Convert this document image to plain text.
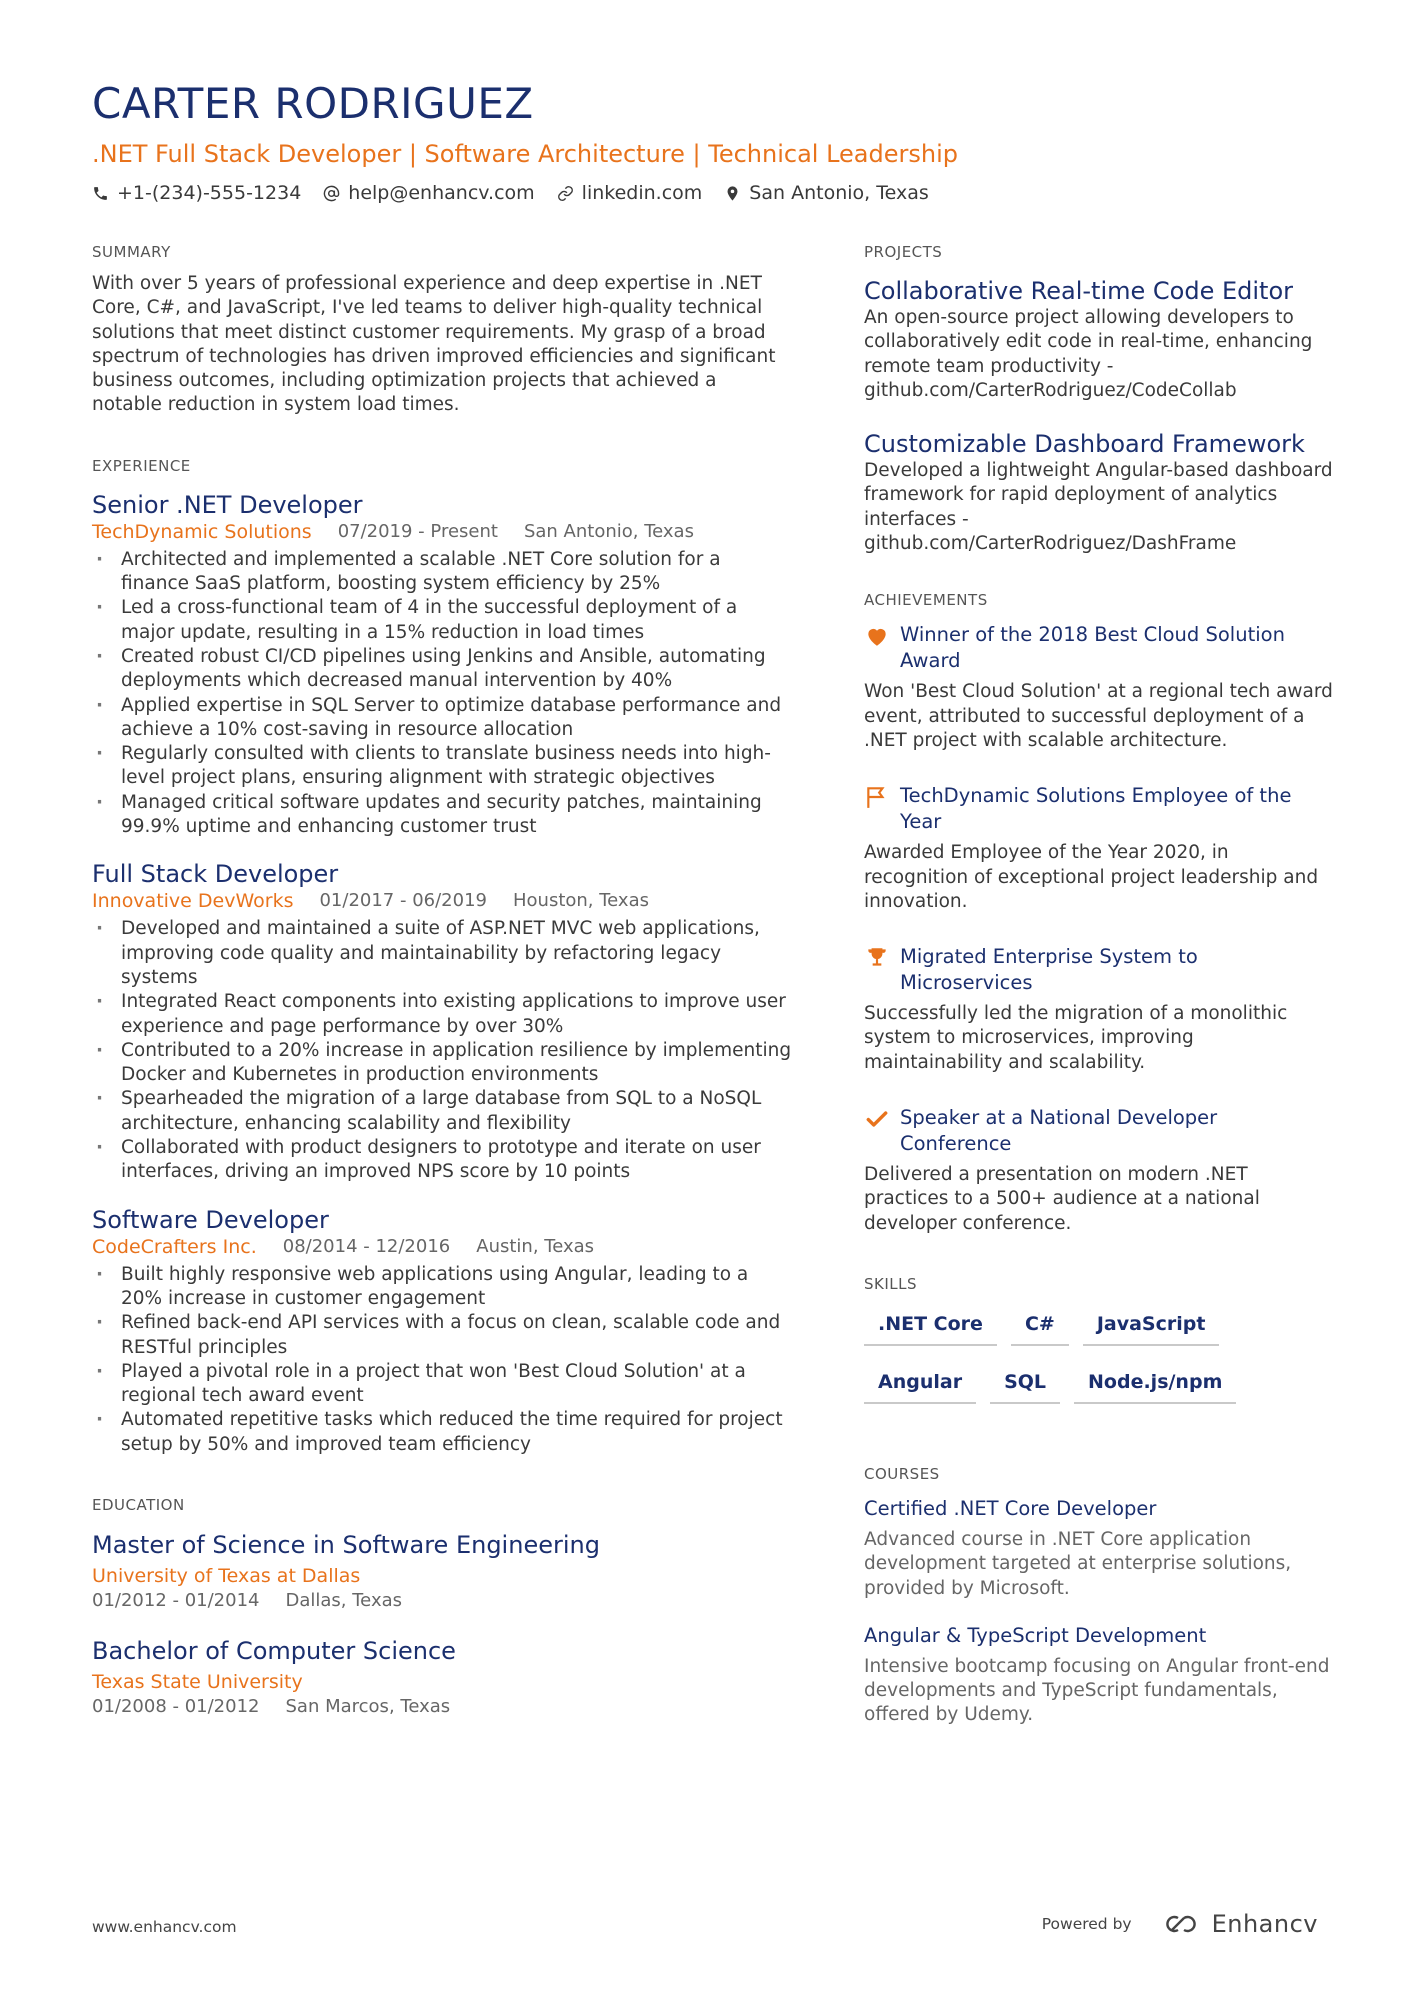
CARTER RODRIGUEZ
.NET Full Stack Developer | Software Architecture | Technical Leadership
+1-(234)-555-1234 help@enhancv.com linkedin.com San Antonio, Texas
SUMMARY
With over 5 years of professional experience and deep expertise in .NET Core, C#, and JavaScript, I've led teams to deliver high-quality technical solutions that meet distinct customer requirements. My grasp of a broad spectrum of technologies has driven improved efficiencies and significant business outcomes, including optimization projects that achieved a notable reduction in system load times.
EXPERIENCE
Senior .NET Developer
TechDynamic Solutions 07/2019 - Present San Antonio, Texas
· Architected and implemented a scalable .NET Core solution for a finance SaaS platform, boosting system efficiency by 25%
· Led a cross-functional team of 4 in the successful deployment of a major update, resulting in a 15% reduction in load times
· Created robust CI/CD pipelines using Jenkins and Ansible, automating deployments which decreased manual intervention by 40%
· Applied expertise in SQL Server to optimize database performance and achieve a 10% cost-saving in resource allocation
· Regularly consulted with clients to translate business needs into high-level project plans, ensuring alignment with strategic objectives
· Managed critical software updates and security patches, maintaining 99.9% uptime and enhancing customer trust
Full Stack Developer
Innovative DevWorks 01/2017 - 06/2019 Houston, Texas
· Developed and maintained a suite of ASP.NET MVC web applications, improving code quality and maintainability by refactoring legacy systems
· Integrated React components into existing applications to improve user experience and page performance by over 30%
· Contributed to a 20% increase in application resilience by implementing Docker and Kubernetes in production environments
· Spearheaded the migration of a large database from SQL to a NoSQL architecture, enhancing scalability and flexibility
· Collaborated with product designers to prototype and iterate on user interfaces, driving an improved NPS score by 10 points
Software Developer
CodeCrafters Inc. 08/2014 - 12/2016 Austin, Texas
· Built highly responsive web applications using Angular, leading to a 20% increase in customer engagement
· Refined back-end API services with a focus on clean, scalable code and RESTful principles
· Played a pivotal role in a project that won 'Best Cloud Solution' at a regional tech award event
· Automated repetitive tasks which reduced the time required for project setup by 50% and improved team efficiency
EDUCATION
Master of Science in Software Engineering
University of Texas at Dallas
01/2012 - 01/2014 Dallas, Texas
Bachelor of Computer Science
Texas State University
01/2008 - 01/2012 San Marcos, Texas
PROJECTS
Collaborative Real-time Code Editor
An open-source project allowing developers to collaboratively edit code in real-time, enhancing remote team productivity - github.com/CarterRodriguez/CodeCollab
Customizable Dashboard Framework
Developed a lightweight Angular-based dashboard framework for rapid deployment of analytics interfaces - github.com/CarterRodriguez/DashFrame
ACHIEVEMENTS
Winner of the 2018 Best Cloud Solution Award
Won 'Best Cloud Solution' at a regional tech award event, attributed to successful deployment of a .NET project with scalable architecture.
TechDynamic Solutions Employee of the Year
Awarded Employee of the Year 2020, in recognition of exceptional project leadership and innovation.
Migrated Enterprise System to Microservices
Successfully led the migration of a monolithic system to microservices, improving maintainability and scalability.
Speaker at a National Developer Conference
Delivered a presentation on modern .NET practices to a 500+ audience at a national developer conference.
SKILLS
.NET Core	C#	JavaScript
Angular	SQL	Node.js/npm
COURSES
Certified .NET Core Developer
Advanced course in .NET Core application development targeted at enterprise solutions, provided by Microsoft.
Angular & TypeScript Development
Intensive bootcamp focusing on Angular front-end developments and TypeScript fundamentals, offered by Udemy.
www.enhancv.com	Powered by	Enhancv
